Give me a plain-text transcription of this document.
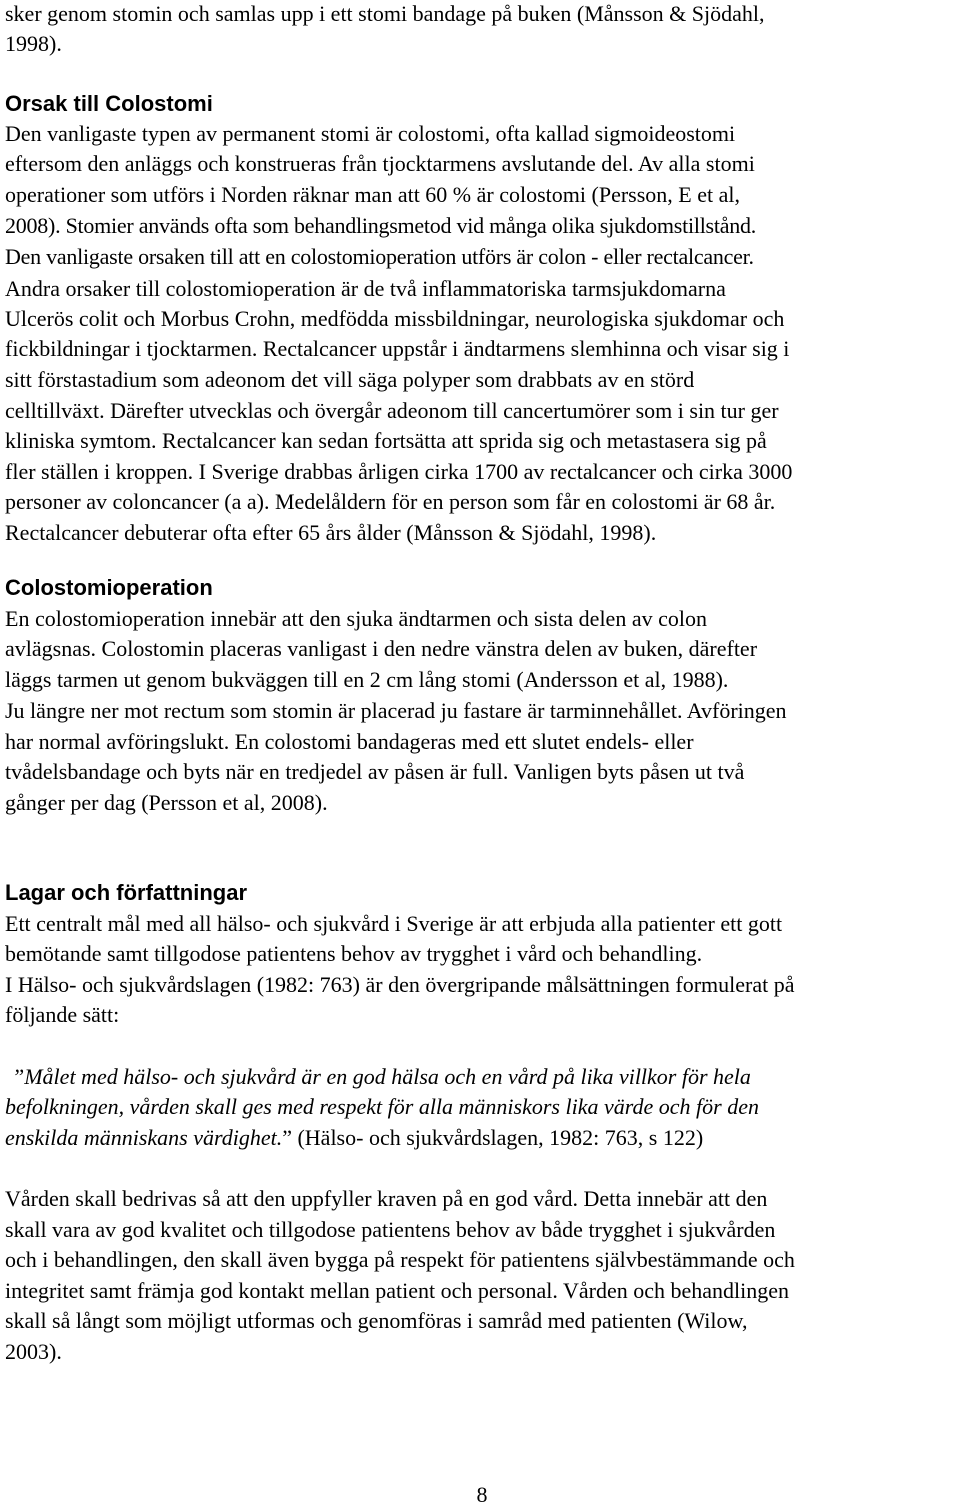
sker genom stomin och samlas upp i ett stomi bandage på buken (Månsson & Sjödahl,
1998).
Orsak till Colostomi
Den vanligaste typen av permanent stomi är colostomi, ofta kallad sigmoideostomi
eftersom den anläggs och konstrueras från tjocktarmens avslutande del. Av alla stomi
operationer som utförs i Norden räknar man att 60 % är colostomi (Persson, E et al,
2008). Stomier används ofta som behandlingsmetod vid många olika sjukdomstillstånd.
Den vanligaste orsaken till att en colostomioperation utförs är colon - eller rectalcancer.
Andra orsaker till colostomioperation är de två inflammatoriska tarmsjukdomarna
Ulcerös colit och Morbus Crohn, medfödda missbildningar, neurologiska sjukdomar och
fickbildningar i tjocktarmen. Rectalcancer uppstår i ändtarmens slemhinna och visar sig i
sitt förstastadium som adeonom det vill säga polyper som drabbats av en störd
celltillväxt. Därefter utvecklas och övergår adeonom till cancertumörer som i sin tur ger
kliniska symtom. Rectalcancer kan sedan fortsätta att sprida sig och metastasera sig på
fler ställen i kroppen. I Sverige drabbas årligen cirka 1700 av rectalcancer och cirka 3000
personer av coloncancer (a a). Medelåldern för en person som får en colostomi är 68 år.
Rectalcancer debuterar ofta efter 65 års ålder (Månsson & Sjödahl, 1998).
Colostomioperation
En colostomioperation innebär att den sjuka ändtarmen och sista delen av colon
avlägsnas. Colostomin placeras vanligast i den nedre vänstra delen av buken, därefter
läggs tarmen ut genom bukväggen till en 2 cm lång stomi (Andersson et al, 1988).
Ju längre ner mot rectum som stomin är placerad ju fastare är tarminnehållet. Avföringen
har normal avföringslukt. En colostomi bandageras med ett slutet endels- eller
tvådelsbandage och byts när en tredjedel av påsen är full. Vanligen byts påsen ut två
gånger per dag (Persson et al, 2008).
Lagar och författningar
Ett centralt mål med all hälso- och sjukvård i Sverige är att erbjuda alla patienter ett gott
bemötande samt tillgodose patientens behov av trygghet i vård och behandling.
I Hälso- och sjukvårdslagen (1982: 763) är den övergripande målsättningen formulerat på
följande sätt:
”Målet med hälso- och sjukvård är en god hälsa och en vård på lika villkor för hela
befolkningen, vården skall ges med respekt för alla människors lika värde och för den
enskilda människans värdighet.” (Hälso- och sjukvårdslagen, 1982: 763, s 122)
Vården skall bedrivas så att den uppfyller kraven på en god vård. Detta innebär att den
skall vara av god kvalitet och tillgodose patientens behov av både trygghet i sjukvården
och i behandlingen, den skall även bygga på respekt för patientens självbestämmande och
integritet samt främja god kontakt mellan patient och personal. Vården och behandlingen
skall så långt som möjligt utformas och genomföras i samråd med patienten (Wilow,
2003).
8
